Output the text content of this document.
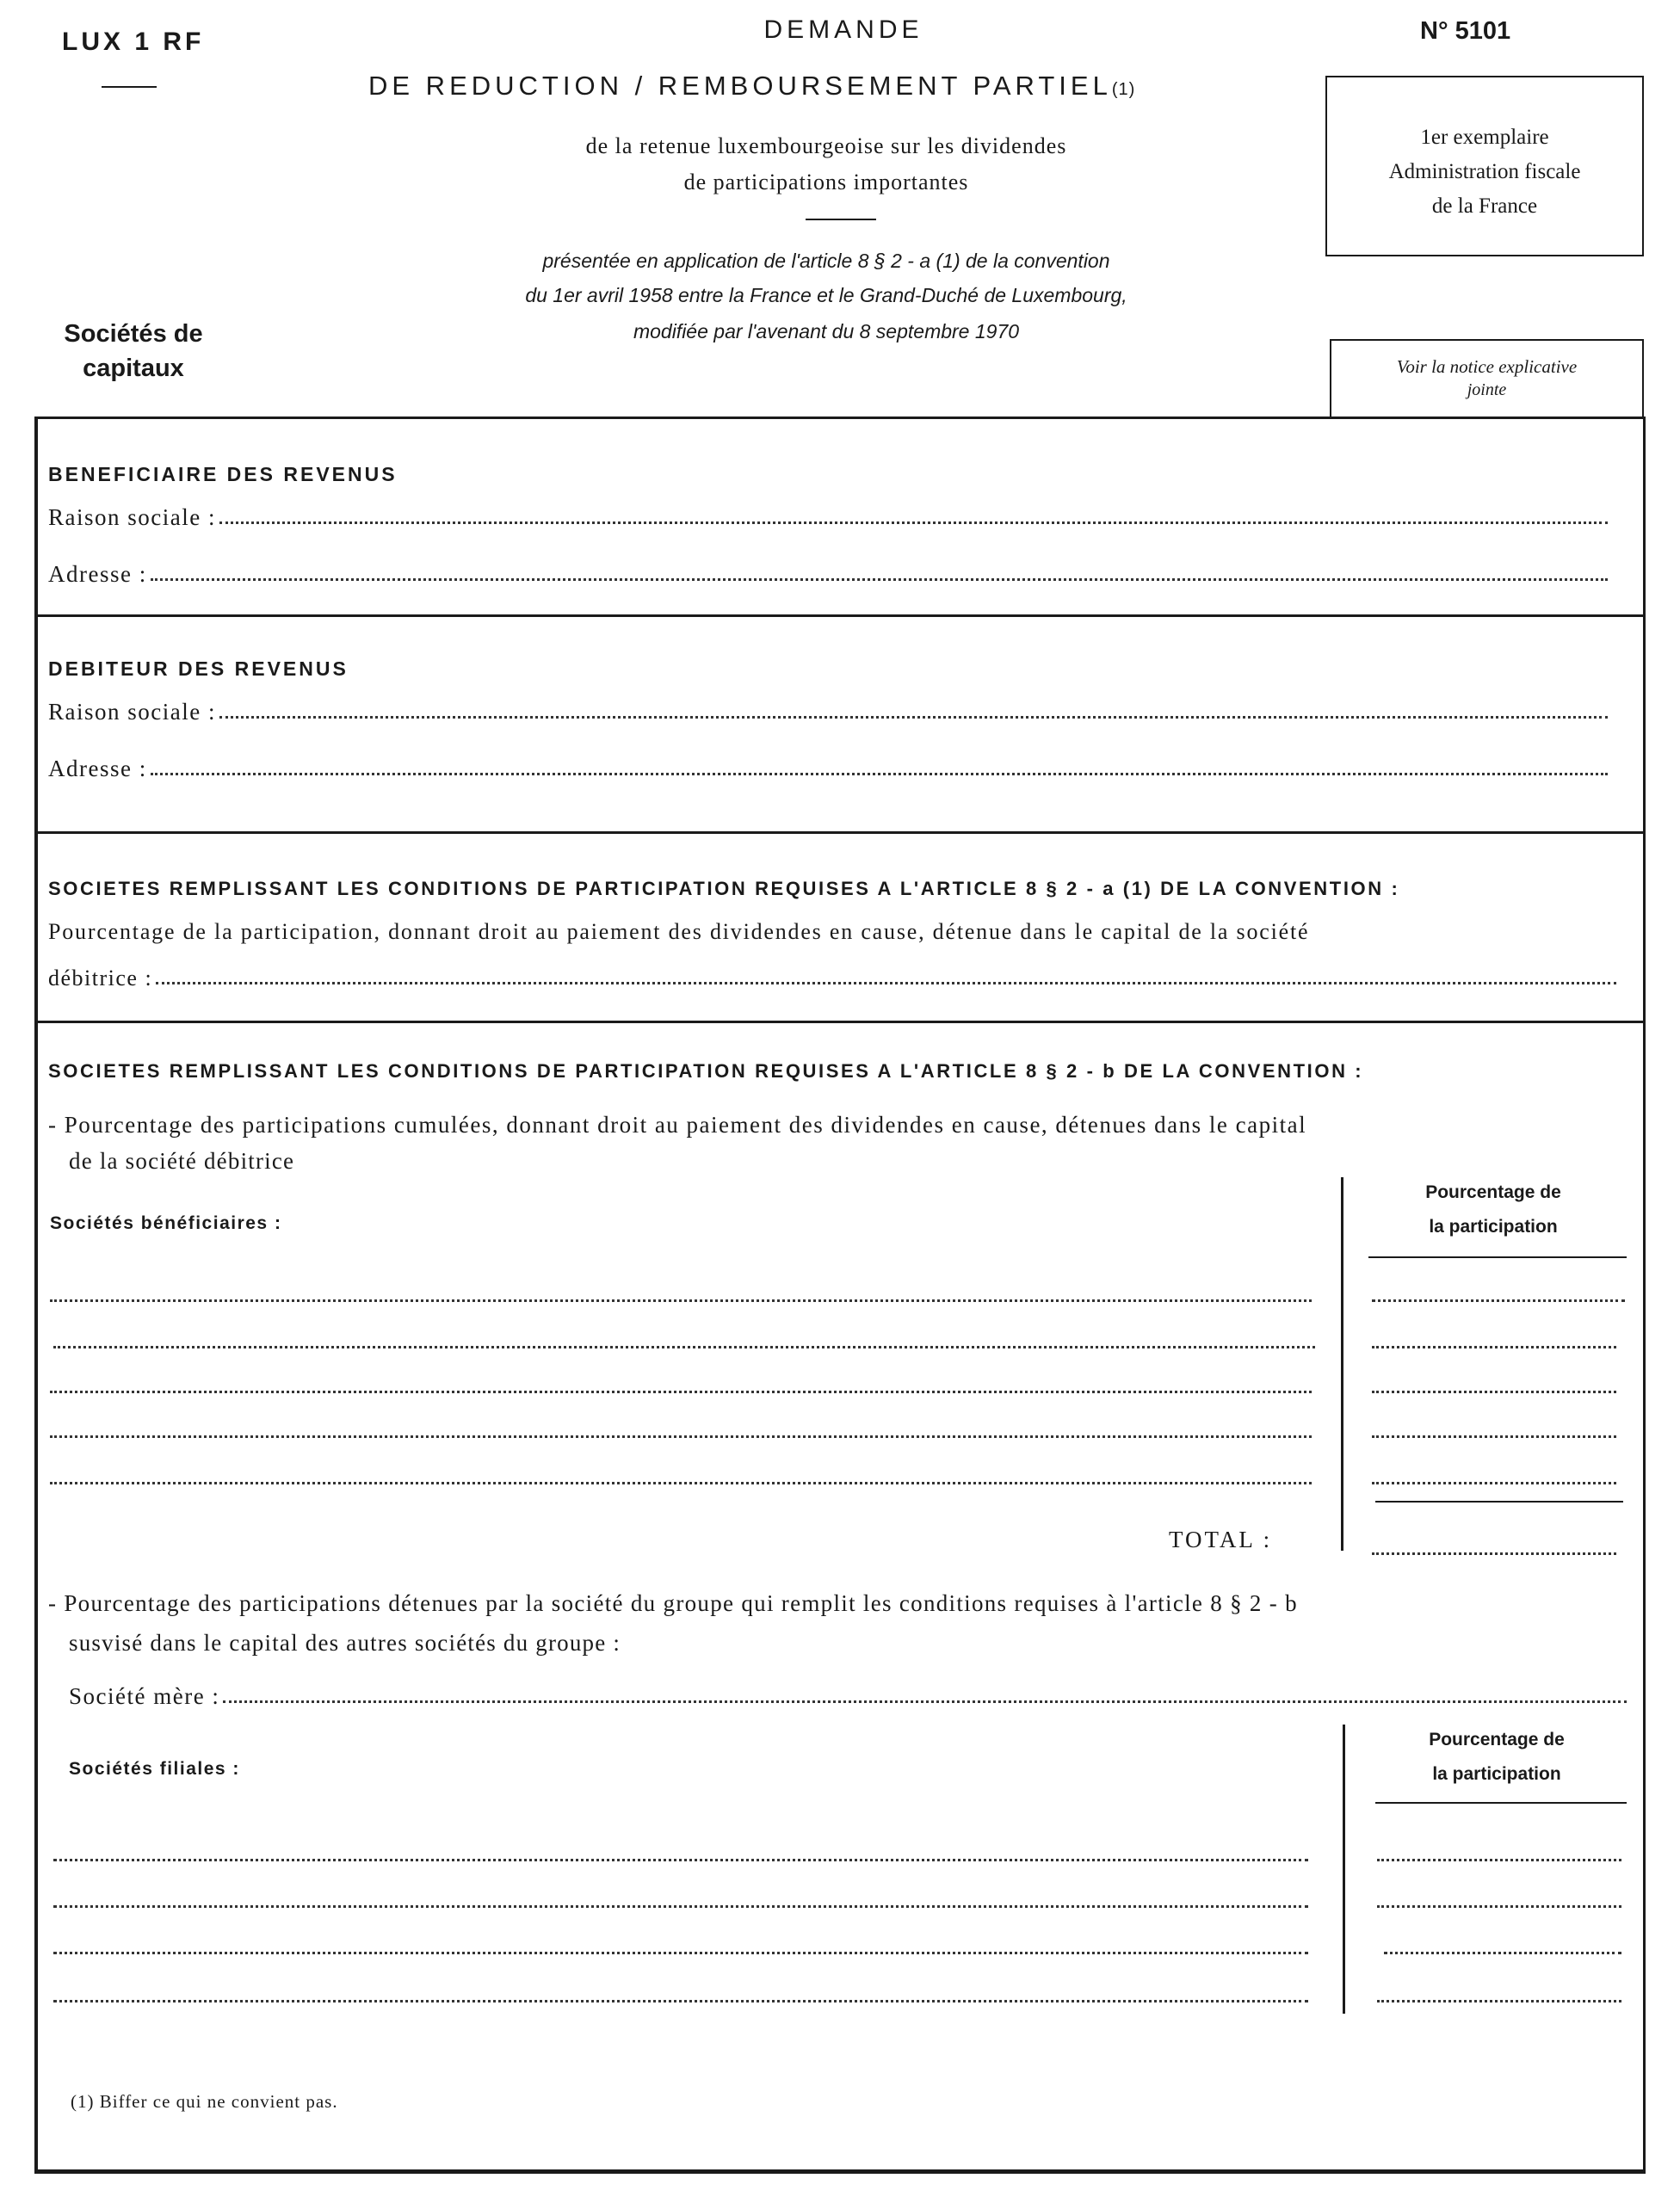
LUX 1 RF	DEMANDE
DE REDUCTION / REMBOURSEMENT PARTIEL(1)
de la retenue luxembourgeoise sur les dividendes
de participations importantes
présentée en application de l'article 8 § 2 - a (1) de la convention
du 1er avril 1958 entre la France et le Grand-Duché de Luxembourg,
modifiée par l'avenant du 8 septembre 1970
N° 5101
1er exemplaire
Administration fiscale
de la France
Sociétés de
capitaux	Voir la notice explicative
jointe
BENEFICIAIRE DES REVENUS
Raison sociale :
Adresse :
DEBITEUR DES REVENUS
Raison sociale :
Adresse :
SOCIETES REMPLISSANT LES CONDITIONS DE PARTICIPATION REQUISES A L'ARTICLE 8 § 2 - a (1) DE LA CONVENTION :
Pourcentage de la participation, donnant droit au paiement des dividendes en cause, détenue dans le capital de la société
débitrice :
SOCIETES REMPLISSANT LES CONDITIONS DE PARTICIPATION REQUISES A L'ARTICLE 8 § 2 - b DE LA CONVENTION :
- Pourcentage des participations cumulées, donnant droit au paiement des dividendes en cause, détenues dans le capital
de la société débitrice
Sociétés bénéficiaires :
Pourcentage de
la participation
TOTAL :
- Pourcentage des participations détenues par la société du groupe qui remplit les conditions requises à l'article 8 § 2 - b
susvisé dans le capital des autres sociétés du groupe :
Société mère :
Sociétés filiales :
Pourcentage de
la participation
(1) Biffer ce qui ne convient pas.
